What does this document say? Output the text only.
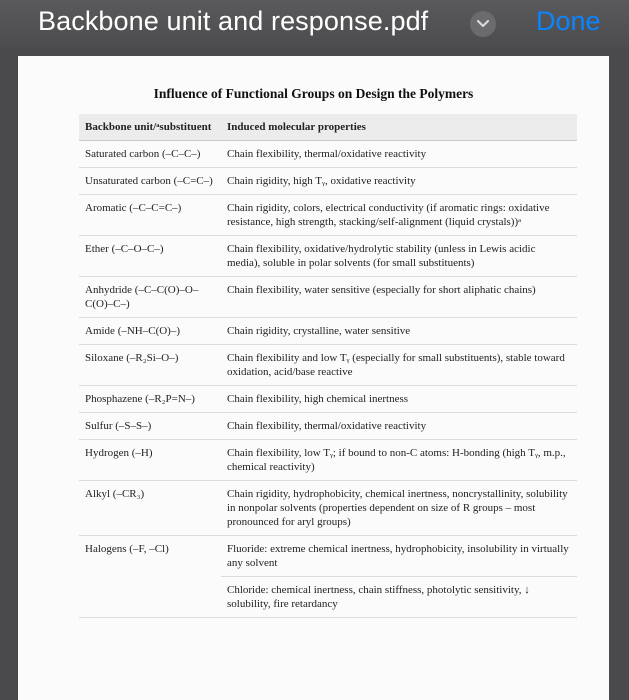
Backbone unit and response.pdf	Done
Influence of Functional Groups on Design the Polymers
Backbone unit/ᵃsubstituent	Induced molecular properties
Saturated carbon (–C–C–)	Chain flexibility, thermal/oxidative reactivity
Unsaturated carbon (–C=C–)	Chain rigidity, high Tᵧ, oxidative reactivity
Aromatic (–C–C=C–)	Chain rigidity, colors, electrical conductivity (if aromatic rings: oxidative resistance, high strength, stacking/self-alignment (liquid crystals))ᵃ
Ether (–C–O–C–)	Chain flexibility, oxidative/hydrolytic stability (unless in Lewis acidic media), soluble in polar solvents (for small substituents)
Anhydride (–C–C(O)–O–C(O)–C–)	Chain flexibility, water sensitive (especially for short aliphatic chains)
Amide (–NH–C(O)–)	Chain rigidity, crystalline, water sensitive
Siloxane (–R₂Si–O–)	Chain flexibility and low Tᵧ (especially for small substituents), stable toward oxidation, acid/base reactive
Phosphazene (–R₂P=N–)	Chain flexibility, high chemical inertness
Sulfur (–S–S–)	Chain flexibility, thermal/oxidative reactivity
Hydrogen (–H)	Chain flexibility, low Tᵧ; if bound to non-C atoms: H-bonding (high Tᵧ, m.p., chemical reactivity)
Alkyl (–CR₃)	Chain rigidity, hydrophobicity, chemical inertness, noncrystallinity, solubility in nonpolar solvents (properties dependent on size of R groups – most pronounced for aryl groups)
Halogens (–F, –Cl)	Fluoride: extreme chemical inertness, hydrophobicity, insolubility in virtually any solvent
	Chloride: chemical inertness, chain stiffness, photolytic sensitivity, ↓ solubility, fire retardancy
